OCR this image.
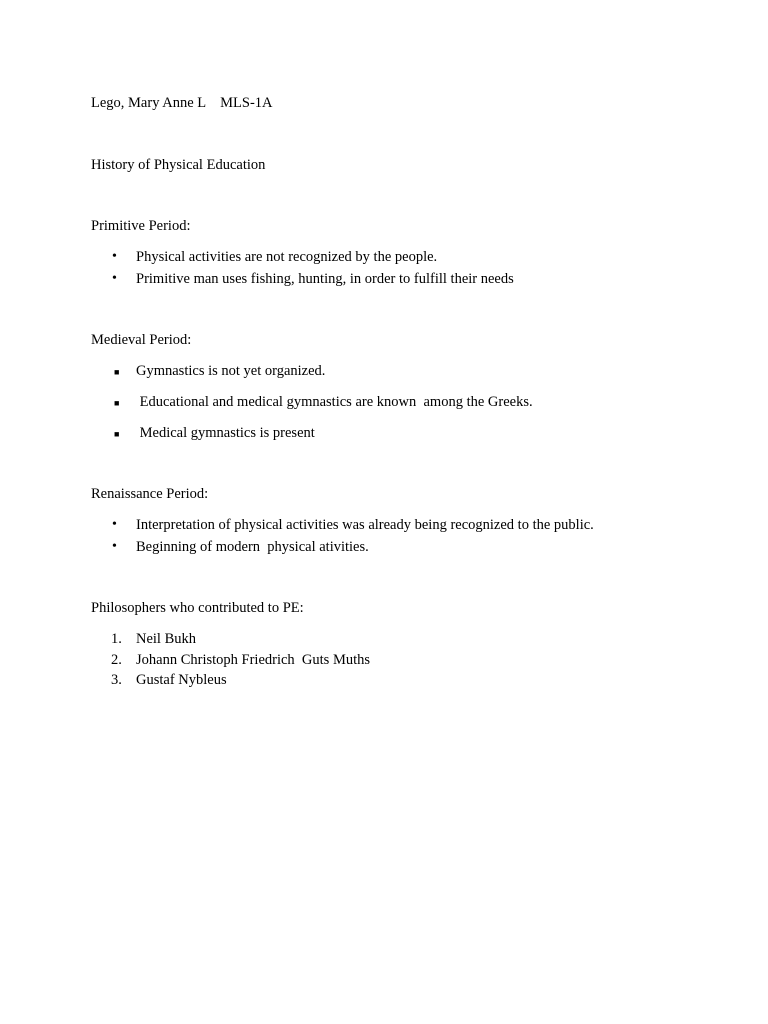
Lego, Mary Anne L    MLS-1A
History of Physical Education
Primitive Period:
• Physical activities are not recognized by the people.
• Primitive man uses fishing, hunting, in order to fulfill their needs
Medieval Period:
■ Gymnastics is not yet organized.
■ Educational and medical gymnastics are known  among the Greeks.
■ Medical gymnastics is present
Renaissance Period:
• Interpretation of physical activities was already being recognized to the public.
• Beginning of modern  physical ativities.
Philosophers who contributed to PE:
1. Neil Bukh
2. Johann Christoph Friedrich  Guts Muths
3. Gustaf Nybleus
